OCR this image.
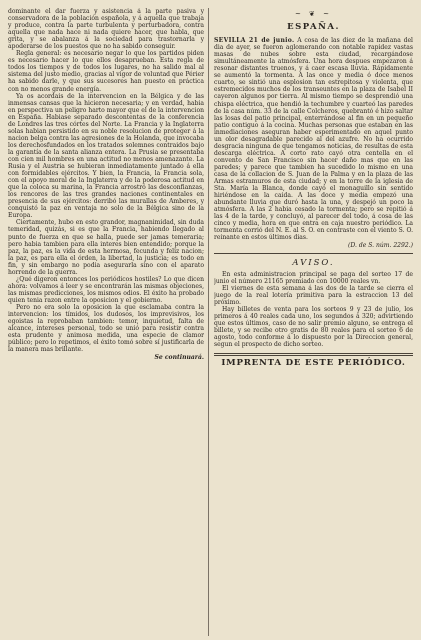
dominante el dar fuerza y asistencia á la parte pasiva y conservadora de la población española, y á aquella que trabaja y produce, contra la parte turbulenta y perturbadora, contra aquella que nada hace ni nada quiere hacer, que habla, que grita, y se abalanza á la sociedad para trastornarla y apoderarse de los puestos que no ha sabido conseguir.

Regla general: es necesario negar lo que los partidos piden es necesario hacer lo que ellos desaprueban. Esta regla de todos los tiempos y de todos los lugares, no ha salido mal al sistema del justo medio, gracias al vigor de voluntad que Périer ha sabido darle, y que sus sucesores han puesto en práctica con no menos grande energía.

Ya os acordais de la intervencion en la Bélgica y de las inmensas cansas que la hicieron necesaria; y en verdad, habia en perspectiva un peligro harto mayor que el de la intervencion en España. Habiase separado descontentas de la conferencia de Londres las tres córtes del Norte. La Francia y la Inglaterra solas habian persistido en su noble resolucion de proteger á la nacion belga contra las agresiones de la Holanda, que invocaba los derechosfundados en los tratados solemnes contraidos bajo la garantía de la santa alianza entera. La Prusia se presentaba con cien mil hombres en una actitud no menos amenazante. La Rusia y el Austria se hubieran inmediatamente juntado á ella con formidables ejércitos. Y bien, la Francia, la Francia sola, con el apoyo moral de la Inglaterra y de la poderosa actitud en que la coloca su marina, la Francia arrostró las desconfianzas, los rencores de las tres grandes naciones continentales en presencia de sus ejércitos: derribó las murallas de Amberes, y conquistó la paz en ventaja no solo de la Bélgica sino de la Europa.

Ciertamente, hubo en esto grandor, magnanimidad, sin duda temeridad, quizás, si es que la Francia, habiendo llegado al punto de fuerza en que se halla, puede ser jamas temeraria; pero habia tambien para ella interes bien entendido; porque la paz, la paz, es la vida de esta hermosa, fecunda y feliz nacion; la paz, es para ella el órden, la libertad, la justicia; es todo en fin, y sin embargo no podia asegurarla sino con el aparato horrendo de la guerra.

¿Qué digeron entonces los periódicos hostiles? Lo que dicen ahora: volvamos á leer y se encontrarán las mismas objeciones, las mismas predicciones, los mismos odios. El éxito ha probado quien tenia razon entre la oposicion y el gobierno.

Pero no era solo la oposicion la que esclamaba contra la intervencion: los tímidos, los dudosos, los imprevisivos, los egoistas la reprobaban tambien: temor, inquietud, falta de alcance, intereses personal, todo se unió para resistir contra esta prudente y animosa medida, una especie de clamor público; pero lo repetimos, el éxito tomó sobre sí justificarla de la manera mas brillante.

Se continuará.
~ ❦ ~
ESPAÑA.

SEVILLA 21 de junio. A cosa de las diez de la mañana del dia de ayer, se fueron aglomerando con notable rapidez vastas masas de nubes sobre esta ciudad, recargándose simultáneamente la atmósfera. Una hora despues empezaron á resonar distantes truenos, y á caer escasa lluvia. Rápidamente se aumentó la tormenta. A las once y media ó doce menos cuarto, se sintió una esplosion tan estrepitosa y violenta, que estremecidos muchos de los transeuntes en la plaza de Isabel II cayeron algunos por tierra. Al mismo tiempo se desprendió una chispa eléctrica, que hendió la techumbre y cuarteó las paredes de la casa núm. 33 de la calle Colcheros, quebrantó é hizo saltar las losas del patio principal, enterrándose al fin en un pequeño patio contiguo á la cocina. Muchas personas que estaban en las inmediaciones aseguran haber esperimentado en aquel punto un olor desagradable parecido al del azufre. No ha ocurrido desgracia ninguna de que tengamos noticias, de resultas de esta descarga eléctrica. A corto rato cayó otra centella en el convento de San Francisco sin hacer daño mas que en las paredes; y parece que tambien ha sucedido lo mismo en una casa de la collacion de S. Juan de la Palma y en la plaza de las Armas estramuros de esta ciudad; y en la torre de la iglesia de Sta. María la Blanca, donde cayó el monaguillo sin sentido hiriéndose en la caida. A las doce y media empezó una abundante lluvia que duró hasta la una, y despejó un poco la atmósfera. A las 2 habia cesado la tormenta; pero se repitió á las 4 de la tarde, y concluyó, al parecer del todo, á cosa de las cinco y media, hora en que entra en caja nuestro periódico. La tormenta corrió del N. E. al S. O. en contraste con el viento S. O. reinante en estos últimos dias.

(D. de S. núm. 2292.)
AVISO.

En esta administracion principal se paga del sorteo 17 de junio el número 21165 premiado con 10000 reales vn.

El viernes de esta semana á las dos de la tarde se cierra el juego de la real lotería primitiva para la estraccion 13 del próximo.

Hay billetes de venta para los sorteos 9 y 23 de julio, los primeros á 40 reales cada uno, los segundos á 320; advirtiendo que estos últimos, caso de no salir premio alguno, se entrega el billete, y se recibe otro gratis de 80 reales para el sorteo 6 de agosto, todo conforme á lo dispuesto por la Direccion general, segun el prospecto de dicho sorteo.

IMPRENTA DE ESTE PERIÓDICO.
